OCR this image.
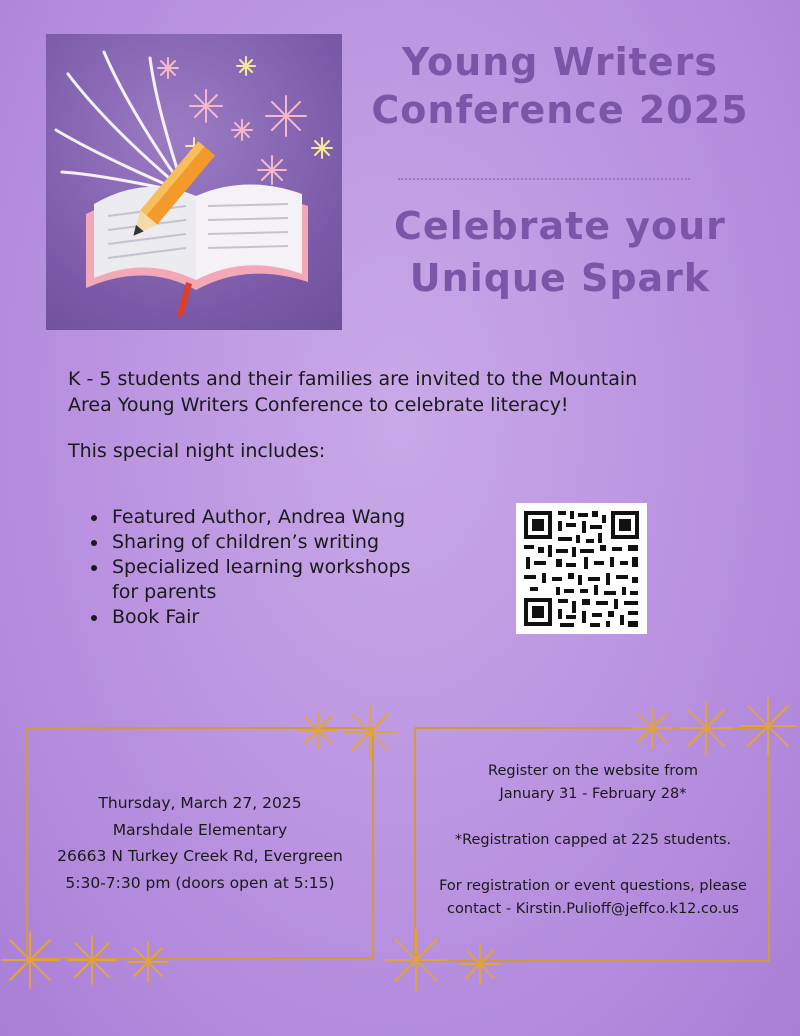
Young Writers
Conference 2025
Celebrate your
Unique Spark
K - 5 students and their families are invited to the Mountain
Area Young Writers Conference to celebrate literacy!
This special night includes:
Featured Author, Andrea Wang
Sharing of children’s writing
Specialized learning workshops
for parents
Book Fair
Thursday, March 27, 2025
Marshdale Elementary
26663 N Turkey Creek Rd, Evergreen
5:30-7:30 pm (doors open at 5:15)
Register on the website from
January 31 - February 28*
*Registration capped at 225 students.
For registration or event questions, please
contact - Kirstin.Pulioff@jeffco.k12.co.us
